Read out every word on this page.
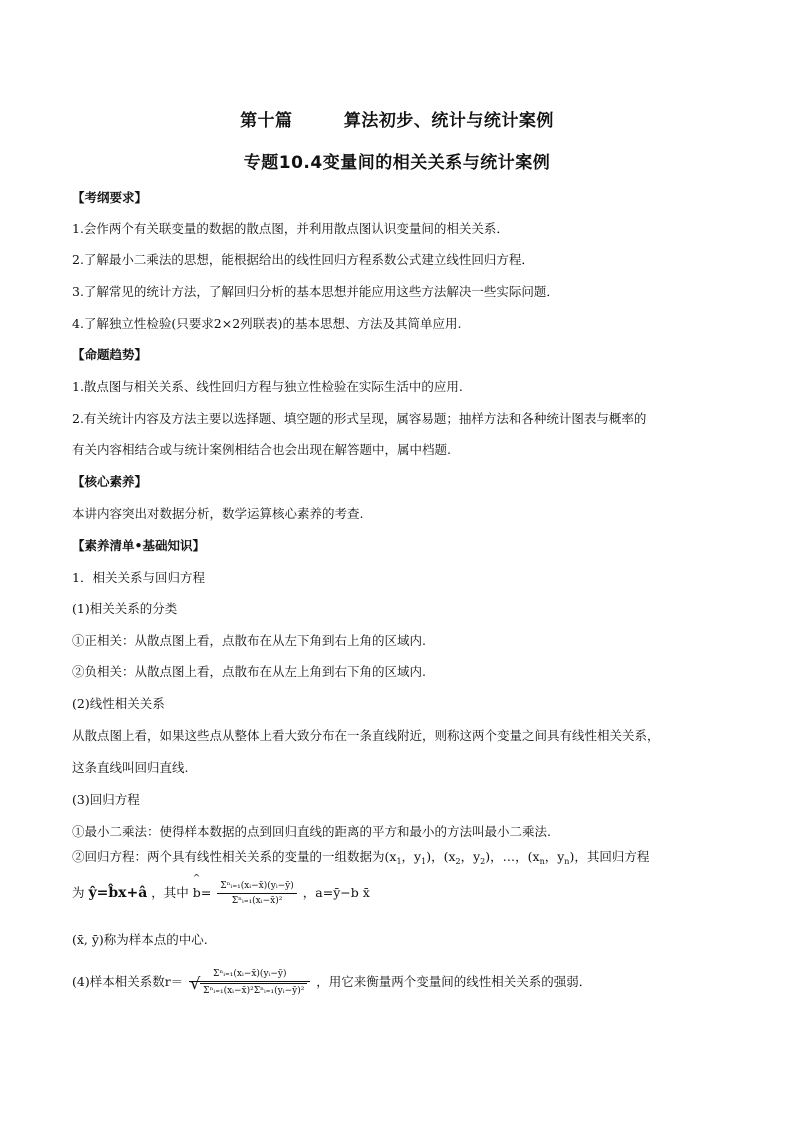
第十篇        算法初步、统计与统计案例
专题10.4变量间的相关关系与统计案例
【考纲要求】
1.会作两个有关联变量的数据的散点图，并利用散点图认识变量间的相关关系．
2.了解最小二乘法的思想，能根据给出的线性回归方程系数公式建立线性回归方程．
3.了解常见的统计方法，了解回归分析的基本思想并能应用这些方法解决一些实际问题．
4.了解独立性检验(只要求2×2列联表)的基本思想、方法及其简单应用.
【命题趋势】
1.散点图与相关关系、线性回归方程与独立性检验在实际生活中的应用.
2.有关统计内容及方法主要以选择题、填空题的形式呈现，属容易题；抽样方法和各种统计图表与概率的
有关内容相结合或与统计案例相结合也会出现在解答题中，属中档题.
【核心素养】
本讲内容突出对数据分析，数学运算核心素养的考查.
【素养清单•基础知识】
1．相关关系与回归方程
(1)相关关系的分类
①正相关：从散点图上看，点散布在从左下角到右上角的区域内.
②负相关：从散点图上看，点散布在从左上角到右下角的区域内.
(2)线性相关关系
从散点图上看，如果这些点从整体上看大致分布在一条直线附近，则称这两个变量之间具有线性相关关系，
这条直线叫回归直线.
(3)回归方程
①最小二乘法：使得样本数据的点到回归直线的距离的平方和最小的方法叫最小二乘法.
②回归方程：两个具有线性相关关系的变量的一组数据为($x_1$，$y_1$)，($x_2$，$y_2$)，…，($x_n$，$y_n$)，其回归方程
为 ŷ=b̂x+â ，其中 ^ $b= \frac{\text{Σⁿᵢ₌₁(xᵢ−x̄)(yᵢ−ȳ)}}{\text{Σⁿᵢ₌₁(xᵢ−x̄)²}}$ ，a=ȳ−b x̄
(x̄, ȳ)称为样本点的中心.
(4)样本相关系数r＝ Σⁿᵢ₌₁(xᵢ−x̄)(yᵢ−ȳ)
√ Σⁿᵢ₌₁(xᵢ−x̄)²Σⁿᵢ₌₁(yᵢ−ȳ)² ，用它来衡量两个变量间的线性相关关系的强弱．
